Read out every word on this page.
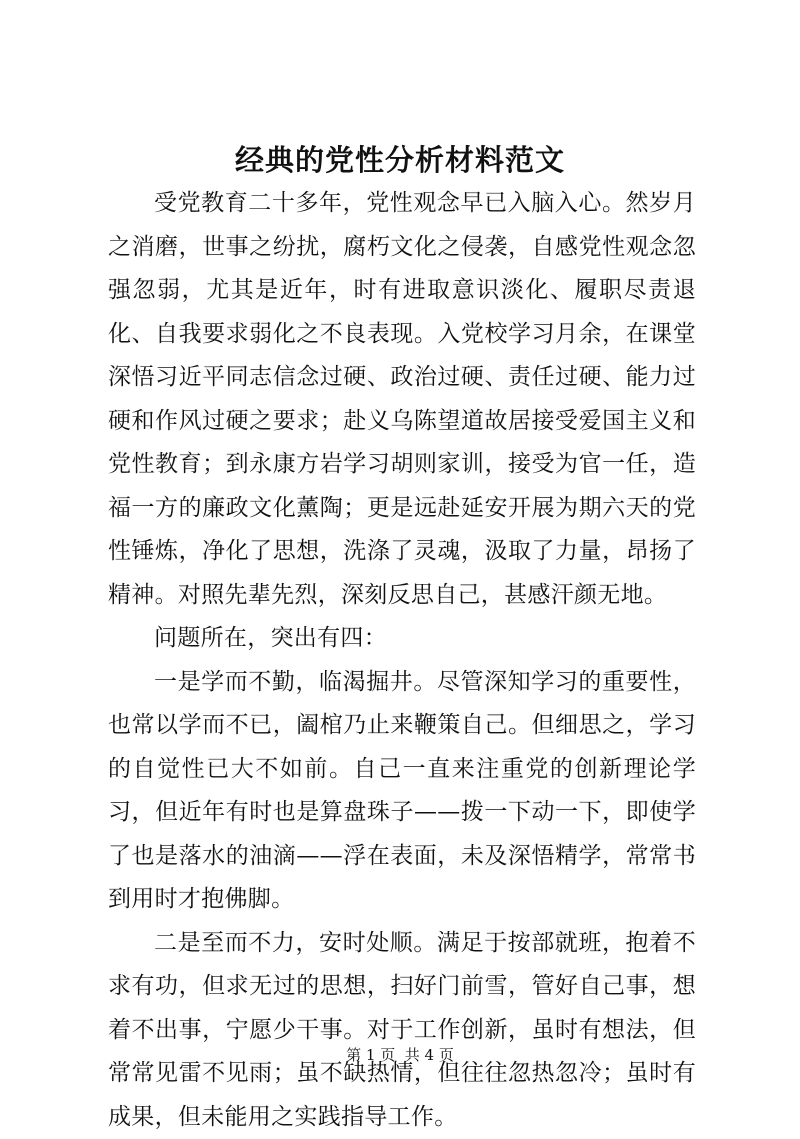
经典的党性分析材料范文

受党教育二十多年，党性观念早已入脑入心。然岁月之消磨，世事之纷扰，腐朽文化之侵袭，自感党性观念忽强忽弱，尤其是近年，时有进取意识淡化、履职尽责退化、自我要求弱化之不良表现。入党校学习月余，在课堂深悟习近平同志信念过硬、政治过硬、责任过硬、能力过硬和作风过硬之要求；赴义乌陈望道故居接受爱国主义和党性教育；到永康方岩学习胡则家训，接受为官一任，造福一方的廉政文化薰陶；更是远赴延安开展为期六天的党性锤炼，净化了思想，洗涤了灵魂，汲取了力量，昂扬了精神。对照先辈先烈，深刻反思自己，甚感汗颜无地。

问题所在，突出有四：

一是学而不勤，临渴掘井。尽管深知学习的重要性，也常以学而不已，阖棺乃止来鞭策自己。但细思之，学习的自觉性已大不如前。自己一直来注重党的创新理论学习，但近年有时也是算盘珠子——拨一下动一下，即使学了也是落水的油滴——浮在表面，未及深悟精学，常常书到用时才抱佛脚。

二是至而不力，安时处顺。满足于按部就班，抱着不求有功，但求无过的思想，扫好门前雪，管好自己事，想着不出事，宁愿少干事。对于工作创新，虽时有想法，但常常见雷不见雨；虽不缺热情，但往往忽热忽冷；虽时有成果，但未能用之实践指导工作。

第 1 页  共 4 页
